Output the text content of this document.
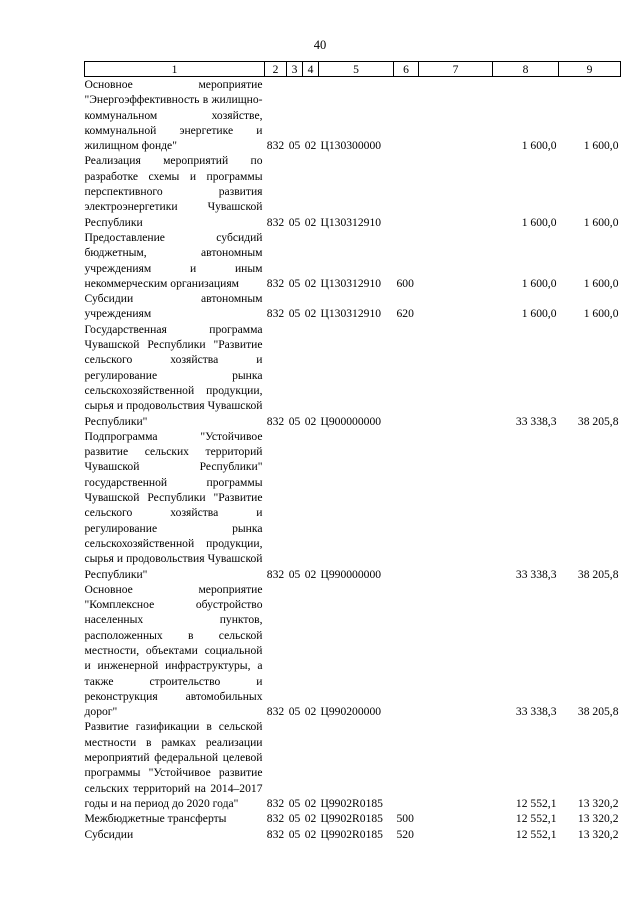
40
1	2	3	4	5	6	7	8	9
Основное мероприятие "Энергоэффективность в жилищно-коммунальном хозяйстве, коммунальной энергетике и жилищном фонде"	832	05	02	Ц130300000			1 600,0	1 600,0
Реализация мероприятий по разработке схемы и программы перспективного развития электроэнергетики Чувашской Республики	832	05	02	Ц130312910			1 600,0	1 600,0
Предоставление субсидий бюджетным, автономным учреждениям и иным некоммерческим организациям	832	05	02	Ц130312910	600		1 600,0	1 600,0
Субсидии автономным учреждениям	832	05	02	Ц130312910	620		1 600,0	1 600,0
Государственная программа Чувашской Республики "Развитие сельского хозяйства и регулирование рынка сельскохозяйственной продукции, сырья и продовольствия Чувашской Республики"	832	05	02	Ц900000000			33 338,3	38 205,8
Подпрограмма "Устойчивое развитие сельских территорий Чувашской Республики" государственной программы Чувашской Республики "Развитие сельского хозяйства и регулирование рынка сельскохозяйственной продукции, сырья и продовольствия Чувашской Республики"	832	05	02	Ц990000000			33 338,3	38 205,8
Основное мероприятие "Комплексное обустройство населенных пунктов, расположенных в сельской местности, объектами социальной и инженерной инфраструктуры, а также строительство и реконструкция автомобильных дорог"	832	05	02	Ц990200000			33 338,3	38 205,8
Развитие газификации в сельской местности в рамках реализации мероприятий федеральной целевой программы "Устойчивое развитие сельских территорий на 2014–2017 годы и на период до 2020 года"	832	05	02	Ц9902R0185			12 552,1	13 320,2
Межбюджетные трансферты	832	05	02	Ц9902R0185	500		12 552,1	13 320,2
Субсидии	832	05	02	Ц9902R0185	520		12 552,1	13 320,2
